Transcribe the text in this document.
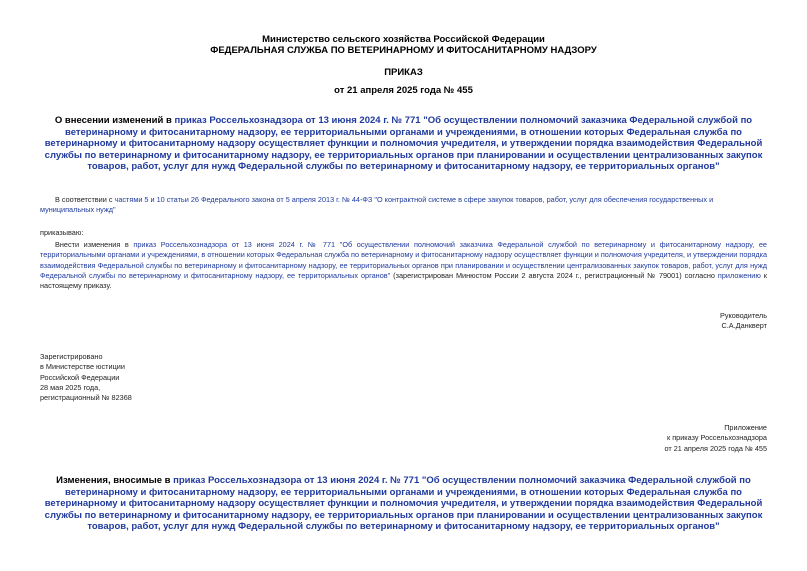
Министерство сельского хозяйства Российской Федерации
ФЕДЕРАЛЬНАЯ СЛУЖБА ПО ВЕТЕРИНАРНОМУ И ФИТОСАНИТАРНОМУ НАДЗОРУ
ПРИКАЗ
от 21 апреля 2025 года № 455
О внесении изменений в приказ Россельхознадзора от 13 июня 2024 г. № 771 "Об осуществлении полномочий заказчика Федеральной службой по ветеринарному и фитосанитарному надзору, ее территориальными органами и учреждениями, в отношении которых Федеральная служба по ветеринарному и фитосанитарному надзору осуществляет функции и полномочия учредителя, и утверждении порядка взаимодействия Федеральной службы по ветеринарному и фитосанитарному надзору, ее территориальных органов при планировании и осуществлении централизованных закупок товаров, работ, услуг для нужд Федеральной службы по ветеринарному и фитосанитарному надзору, ее территориальных органов"
В соответствии с частями 5 и 10 статьи 26 Федерального закона от 5 апреля 2013 г. № 44-ФЗ "О контрактной системе в сфере закупок товаров, работ, услуг для обеспечения государственных и муниципальных нужд"
приказываю:
Внести изменения в приказ Россельхознадзора от 13 июня 2024 г. № 771 "Об осуществлении полномочий заказчика Федеральной службой по ветеринарному и фитосанитарному надзору, ее территориальными органами и учреждениями, в отношении которых Федеральная служба по ветеринарному и фитосанитарному надзору осуществляет функции и полномочия учредителя, и утверждении порядка взаимодействия Федеральной службы по ветеринарному и фитосанитарному надзору, ее территориальных органов при планировании и осуществлении централизованных закупок товаров, работ, услуг для нужд Федеральной службы по ветеринарному и фитосанитарному надзору, ее территориальных органов" (зарегистрирован Минюстом России 2 августа 2024 г., регистрационный № 79001) согласно приложению к настоящему приказу.
Руководитель
С.А.Данкверт
Зарегистрировано
в Министерстве юстиции
Российской Федерации
28 мая 2025 года,
регистрационный № 82368
Приложение
к приказу Россельхознадзора
от 21 апреля 2025 года № 455
Изменения, вносимые в приказ Россельхознадзора от 13 июня 2024 г. № 771 "Об осуществлении полномочий заказчика Федеральной службой по ветеринарному и фитосанитарному надзору, ее территориальными органами и учреждениями, в отношении которых Федеральная служба по ветеринарному и фитосанитарному надзору осуществляет функции и полномочия учредителя, и утверждении порядка взаимодействия Федеральной службы по ветеринарному и фитосанитарному надзору, ее территориальных органов при планировании и осуществлении централизованных закупок товаров, работ, услуг для нужд Федеральной службы по ветеринарному и фитосанитарному надзору, ее территориальных органов"
